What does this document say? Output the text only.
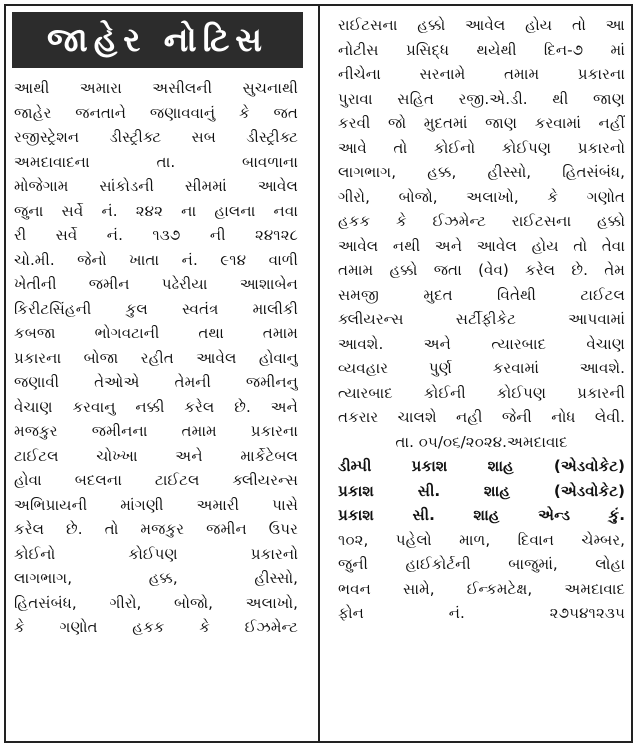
જાહેર નોટિસ
આથી અમારા અસીલની સુચનાથી
જાહેર જનતાને જણાવવાનું કે જત
રજીસ્ટ્રેશન ડીસ્ટ્રીક્ટ સબ ડીસ્ટ્રીક્ટ
અમદાવાદના તા. બાવળાના
મોજેગામ સાંકોડની સીમમાં આવેલ
જુના સર્વે નં. ૨૪૨ ના હાલના નવા
રી સર્વે નં. ૧૩૭ ની ૨૪૧૨૮
ચો.મી. જેનો ખાતા નં. ૯૧૪ વાળી
ખેતીની જમીન પઢેરીયા આશાબેન
કિરીટસિંહની કુલ સ્વતંત્ર માલીકી
કબજા ભોગવટાની તથા તમામ
પ્રકારના બોજા રહીત આવેલ હોવાનુ
જણાવી તેઓએ તેમની જમીનનુ
વેચાણ કરવાનુ નક્કી કરેલ છે. અને
મજકુર જમીનના તમામ પ્રકારના
ટાઈટલ ચોખ્ખા અને માર્કેટેબલ
હોવા બદલના ટાઈટલ ક્લીયરન્સ
અભિપ્રાયની માંગણી અમારી પાસે
કરેલ છે. તો મજકુર જમીન ઉપર
કોઈનો કોઈપણ પ્રકારનો
લાગભાગ, હક્ક, હીસ્સો,
હિતસંબંધ, ગીરો, બોજો, અલાખો,
કે ગણોત હકક કે ઈઝમેન્ટ
રાઈટસના હક્કો આવેલ હોય તો આ
નોટીસ પ્રસિદ્ધ થયેથી દિન-૭ માં
નીચેના સરનામે તમામ પ્રકારના
પુરાવા સહિત રજી.એ.ડી. થી જાણ
કરવી જો મુદતમાં જાણ કરવામાં નહીં
આવે તો કોઈનો કોઈપણ પ્રકારનો
લાગભાગ, હક્ક, હીસ્સો, હિતસંબંધ,
ગીરો, બોજો, અલાખો, કે ગણોત
હકક કે ઈઝમેન્ટ રાઈટસના હક્કો
આવેલ નથી અને આવેલ હોય તો તેવા
તમામ હક્કો જતા (વેવ) કરેલ છે. તેમ
સમજી મુદત વિતેથી ટાઈટલ
ક્લીયરન્સ સર્ટીફીકેટ આપવામાં
આવશે. અને ત્યારબાદ વેચાણ
વ્યવહાર પુર્ણ કરવામાં આવશે.
ત્યારબાદ કોઈની કોઈપણ પ્રકારની
તકરાર ચાલશે નહી જેની નોધ લેવી.
તા. ૦૫/૦૬/૨૦૨૪.અમદાવાદ
ડીમ્પી પ્રકાશ શાહ (એડવોકેટ)
પ્રકાશ સી. શાહ (એડવોકેટ)
પ્રકાશ સી. શાહ એન્ડ કું.
૧૦૨, પહેલો માળ, દિવાન ચેમ્બર,
જુની હાઈકોર્ટની બાજુમાં, લોહા
ભવન સામે, ઈન્કમટેક્ષ, અમદાવાદ
ફોન નં. ૨૭૫૪૧૨૩૫
